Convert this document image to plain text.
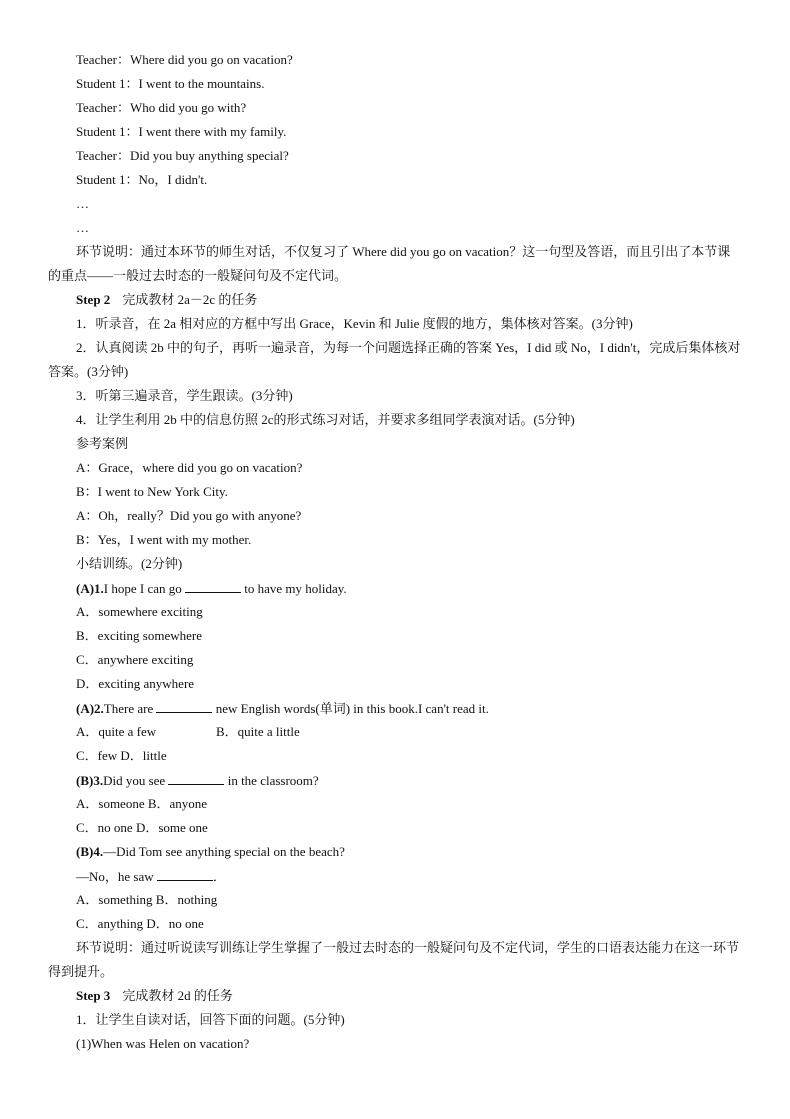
Teacher：Where did you go on vacation?
Student 1：I went to the mountains.
Teacher：Who did you go with?
Student 1：I went there with my family.
Teacher：Did you buy anything special?
Student 1：No，I didn't.
…
…
环节说明：通过本环节的师生对话，不仅复习了 Where did you go on vacation？这一句型及答语，而且引出了本节课的重点——一般过去时态的一般疑问句及不定代词。
Step 2 完成教材 2a－2c 的任务
1．听录音，在 2a 相对应的方框中写出 Grace，Kevin 和 Julie 度假的地方，集体核对答案。(3分钟)
2．认真阅读 2b 中的句子，再听一遍录音，为每一个问题选择正确的答案 Yes，I did 或 No，I didn't，完成后集体核对答案。(3分钟)
3．听第三遍录音，学生跟读。(3分钟)
4．让学生利用 2b 中的信息仿照 2c的形式练习对话，并要求多组同学表演对话。(5分钟)
参考案例
A：Grace，where did you go on vacation?
B：I went to New York City.
A：Oh，really？Did you go with anyone?
B：Yes，I went with my mother.
小结训练。(2分钟)
(A)1.I hope I can go	to have my holiday.
A．somewhere exciting
B．exciting somewhere
C．anywhere exciting
D．exciting anywhere
(A)2.There are	new English words(单词) in this book.I can't read it.
A．quite a few	B．quite a little
C．few D．little
(B)3.Did you see	in the classroom?
A．someone B．anyone
C．no one D．some one
(B)4.—Did Tom see anything special on the beach?
—No，he saw	．
A．something B．nothing
C．anything D．no one
环节说明：通过听说读写训练让学生掌握了一般过去时态的一般疑问句及不定代词，学生的口语表达能力在这一环节得到提升。
Step 3 完成教材 2d 的任务
1．让学生自读对话，回答下面的问题。(5分钟)
(1)When was Helen on vacation?
